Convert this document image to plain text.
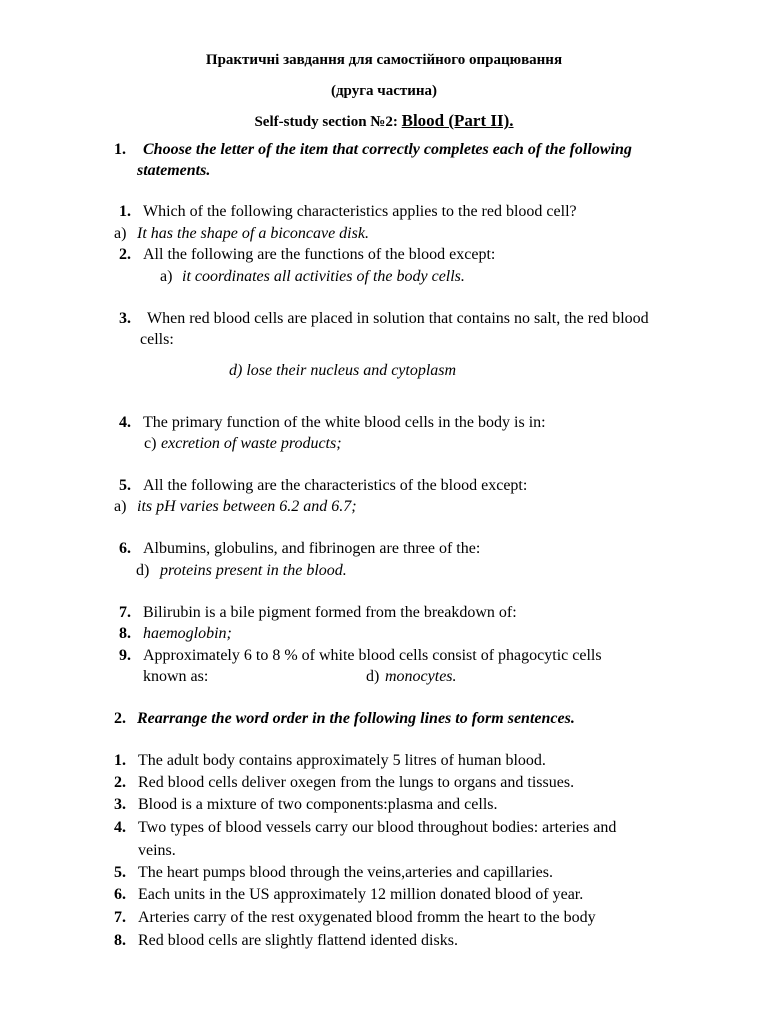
Практичні завдання для самостійного опрацювання
(друга частина)
Self-study section №2: Blood (Part II).
1. Choose the letter of the item that correctly completes each of the following
statements.
1. Which of the following characteristics applies to the red blood cell?
a) It has the shape of a biconcave disk.
2. All the following are the functions of the blood except:
a) it coordinates all activities of the body cells.
3. When red blood cells are placed in solution that contains no salt, the red blood
cells:
d) lose their nucleus and cytoplasm
4. The primary function of the white blood cells in the body is in:
c) excretion of waste products;
5. All the following are the characteristics of the blood except:
a) its pH varies between 6.2 and 6.7;
6. Albumins, globulins, and fibrinogen are three of the:
d) proteins present in the blood.
7. Bilirubin is a bile pigment formed from the breakdown of:
8. haemoglobin;
9. Approximately 6 to 8 % of white blood cells consist of phagocytic cells
known as:	d) monocytes.
2. Rearrange the word order in the following lines to form sentences.
1. The adult body contains approximately 5 litres of human blood.
2. Red blood cells deliver oxegen from the lungs to organs and tissues.
3. Blood is a mixture of two components:plasma and cells.
4. Two types of blood vessels carry our blood throughout bodies: arteries and
veins.
5. The heart pumps blood through the veins,arteries and capillaries.
6. Each units in the US approximately 12 million donated blood of year.
7. Arteries carry of the rest oxygenated blood fromm the heart to the body
8. Red blood cells are slightly flattend idented disks.
